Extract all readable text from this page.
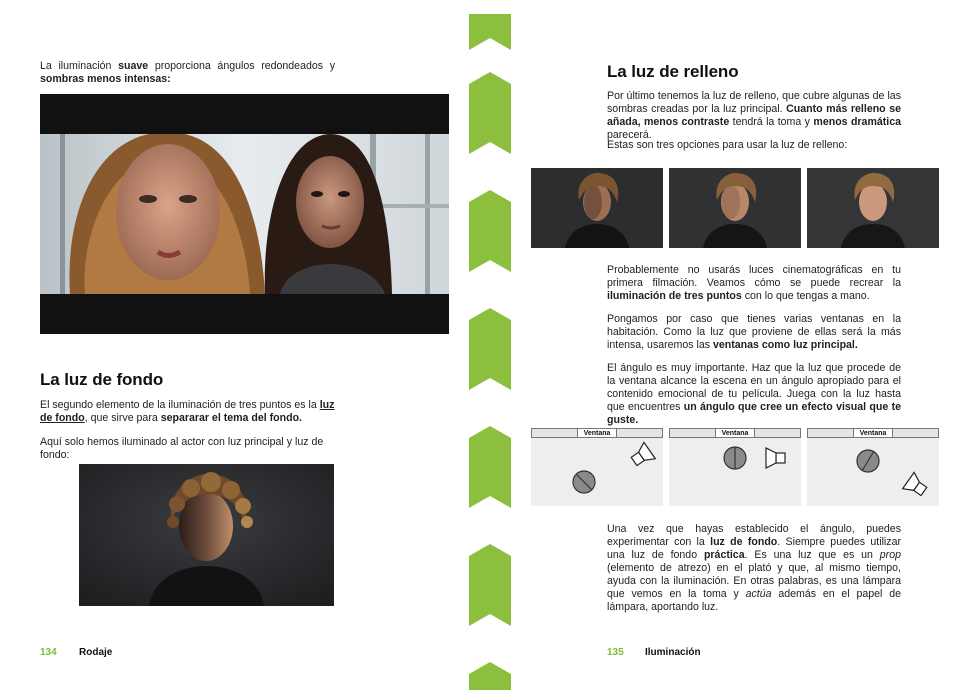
La iluminación suave proporciona ángulos redondeados y sombras menos intensas:

La luz de fondo

El segundo elemento de la iluminación de tres puntos es la luz de fondo, que sirve para separarar el tema del fondo.

Aquí solo hemos iluminado al actor con luz principal y luz de fondo:

134 Rodaje
La luz de relleno

Por último tenemos la luz de relleno, que cubre algunas de las sombras creadas por la luz principal. Cuanto más relleno se añada, menos contraste tendrá la toma y menos dramática parecerá.

Estas son tres opciones para usar la luz de relleno:

Probablemente no usarás luces cinematográficas en tu primera filmación. Veamos cómo se puede recrear la iluminación de tres puntos con lo que tengas a mano.

Pongamos por caso que tienes varias ventanas en la habitación. Como la luz que proviene de ellas será la más intensa, usaremos las ventanas como luz principal.

El ángulo es muy importante. Haz que la luz que procede de la ventana alcance la escena en un ángulo apropiado para el contenido emocional de tu película. Juega con la luz hasta que encuentres un ángulo que cree un efecto visual que te guste.

Ventana	Ventana	Ventana

Una vez que hayas establecido el ángulo, puedes experimentar con la luz de fondo. Siempre puedes utilizar una luz de fondo práctica. Es una luz que es un prop (elemento de atrezo) en el plató y que, al mismo tiempo, ayuda con la iluminación. En otras palabras, es una lámpara que vemos en la toma y actúa además en el papel de lámpara, aportando luz.

135 Iluminación
